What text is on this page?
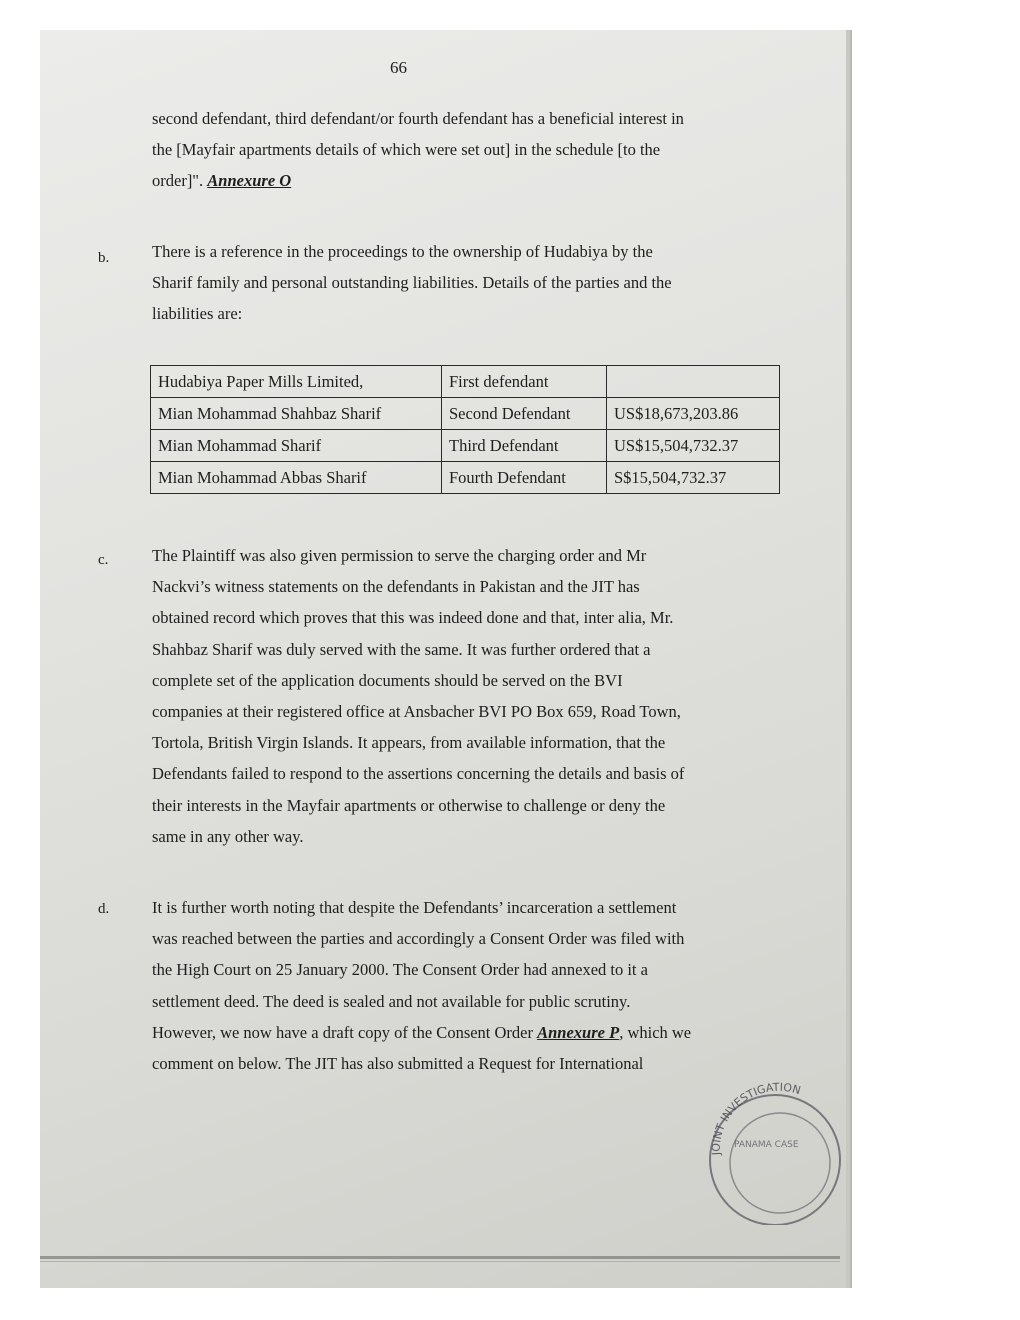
66
second defendant, third defendant/or fourth defendant has a beneficial interest in
the [Mayfair apartments details of which were set out] in the schedule [to the
order]". Annexure O
b.	There is a reference in the proceedings to the ownership of Hudabiya by the
Sharif family and personal outstanding liabilities. Details of the parties and the
liabilities are:
Hudabiya Paper Mills Limited,	First defendant	
Mian Mohammad Shahbaz Sharif	Second Defendant	US$18,673,203.86
Mian Mohammad Sharif	Third Defendant	US$15,504,732.37
Mian Mohammad Abbas Sharif	Fourth Defendant	S$15,504,732.37
c.	The Plaintiff was also given permission to serve the charging order and Mr
Nackvi’s witness statements on the defendants in Pakistan and the JIT has
obtained record which proves that this was indeed done and that, inter alia, Mr.
Shahbaz Sharif was duly served with the same. It was further ordered that a
complete set of the application documents should be served on the BVI
companies at their registered office at Ansbacher BVI PO Box 659, Road Town,
Tortola, British Virgin Islands. It appears, from available information, that the
Defendants failed to respond to the assertions concerning the details and basis of
their interests in the Mayfair apartments or otherwise to challenge or deny the
same in any other way.
d.	It is further worth noting that despite the Defendants’ incarceration a settlement
was reached between the parties and accordingly a Consent Order was filed with
the High Court on 25 January 2000. The Consent Order had annexed to it a
settlement deed. The deed is sealed and not available for public scrutiny.
However, we now have a draft copy of the Consent Order Annexure P, which we
comment on below. The JIT has also submitted a Request for International
JOINT INVESTIGATION
PANAMA CASE
